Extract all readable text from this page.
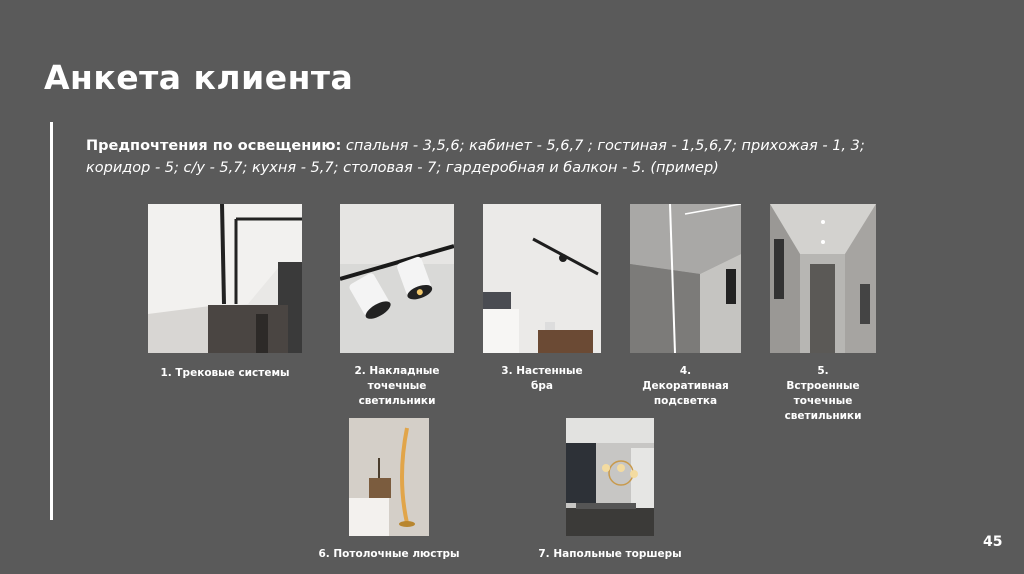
Анкета клиента
Предпочтения по освещению: спальня - 3,5,6; кабинет - 5,6,7 ; гостиная - 1,5,6,7; прихожая - 1, 3;
коридор - 5; с/у - 5,7; кухня - 5,7; столовая - 7; гардеробная и балкон - 5. (пример)
1. Трековые системы	2. Накладные
точечные
светильники
3. Настенные
бра
4.
Декоративная
подсветка
5.
Встроенные
точечные
светильники
6. Потолочные люстры	7. Напольные торшеры
45
